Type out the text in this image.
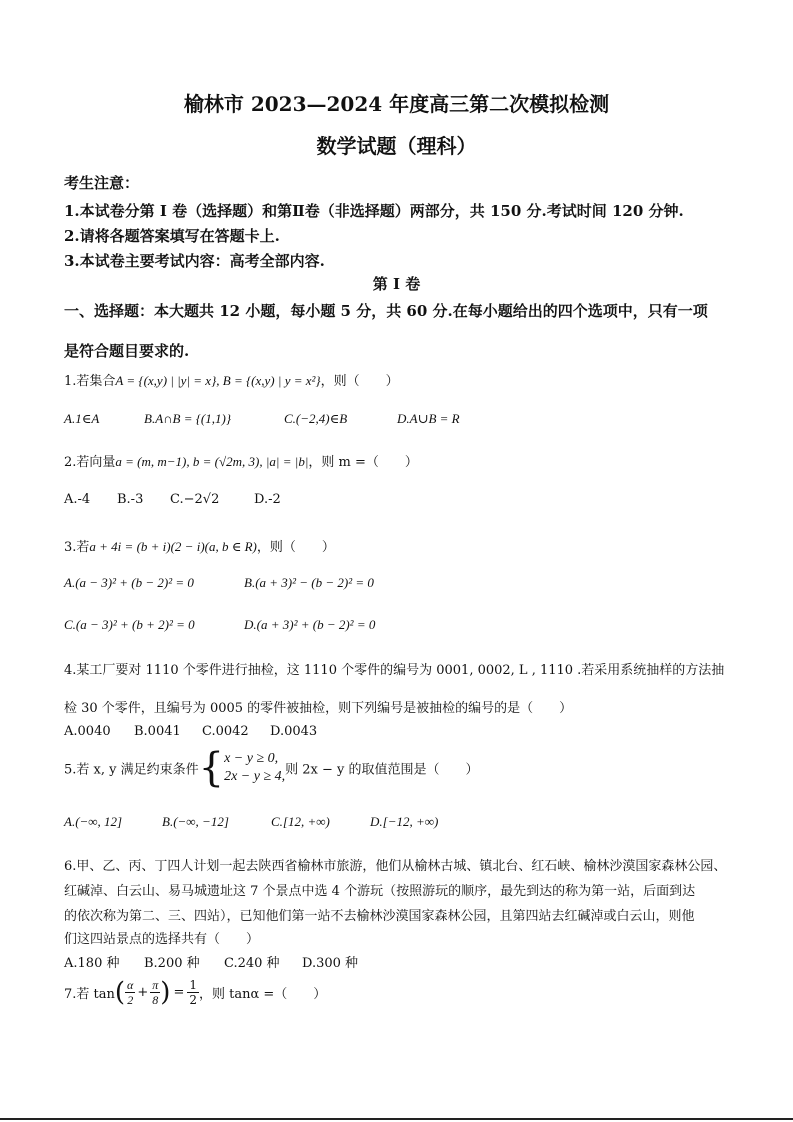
榆林市 2023—2024 年度高三第二次模拟检测
数学试题（理科）
考生注意：
1.本试卷分第 I 卷（选择题）和第Ⅱ卷（非选择题）两部分，共 150 分.考试时间 120 分钟.
2.请将各题答案填写在答题卡上.
3.本试卷主要考试内容：高考全部内容.
第 I 卷
一、选择题：本大题共 12 小题，每小题 5 分，共 60 分.在每小题给出的四个选项中，只有一项
是符合题目要求的.
1.若集合A = {(x,y) | |y| = x}, B = {(x,y) | y = x²}，则（　　）
A.1∈A	B.A∩B = {(1,1)}	C.(−2,4)∈B	D.A∪B = R
2.若向量a = (m, m−1), b = (√2m, 3), |a| = |b|，则 m =（　　）
A.-4 B.-3 C.−2√2	D.-2
3.若a + 4i = (b + i)(2 − i)(a, b ∈ R)，则（　　）
A.(a − 3)² + (b − 2)² = 0	B.(a + 3)² − (b − 2)² = 0
C.(a − 3)² + (b + 2)² = 0	D.(a + 3)² + (b − 2)² = 0
4.某工厂要对 1110 个零件进行抽检，这 1110 个零件的编号为 0001, 0002, L , 1110 .若采用系统抽样的方法抽
检 30 个零件，且编号为 0005 的零件被抽检，则下列编号是被抽检的编号的是（　　）
A.0040 B.0041 C.0042 D.0043
5.若 x, y 满足约束条件{ x − y ≥ 0,
2x − y ≥ 4, 则 2x − y 的取值范围是（　　）
A.(−∞, 12]	B.(−∞, −12]	C.[12, +∞)	D.[−12, +∞)
6.甲、乙、丙、丁四人计划一起去陕西省榆林市旅游，他们从榆林古城、镇北台、红石峡、榆林沙漠国家森林公园、
红碱淖、白云山、易马城遗址这 7 个景点中选 4 个游玩（按照游玩的顺序，最先到达的称为第一站，后面到达
的依次称为第二、三、四站），已知他们第一站不去榆林沙漠国家森林公园，且第四站去红碱淖或白云山，则他
们这四站景点的选择共有（　　）
A.180 种 B.200 种 C.240 种 D.300 种
7.若 $\tan( \frac{\alpha}{2} + \frac{\pi}{8}$ ) = $\frac{1}{2}$ ，则 tanα =（　　）
